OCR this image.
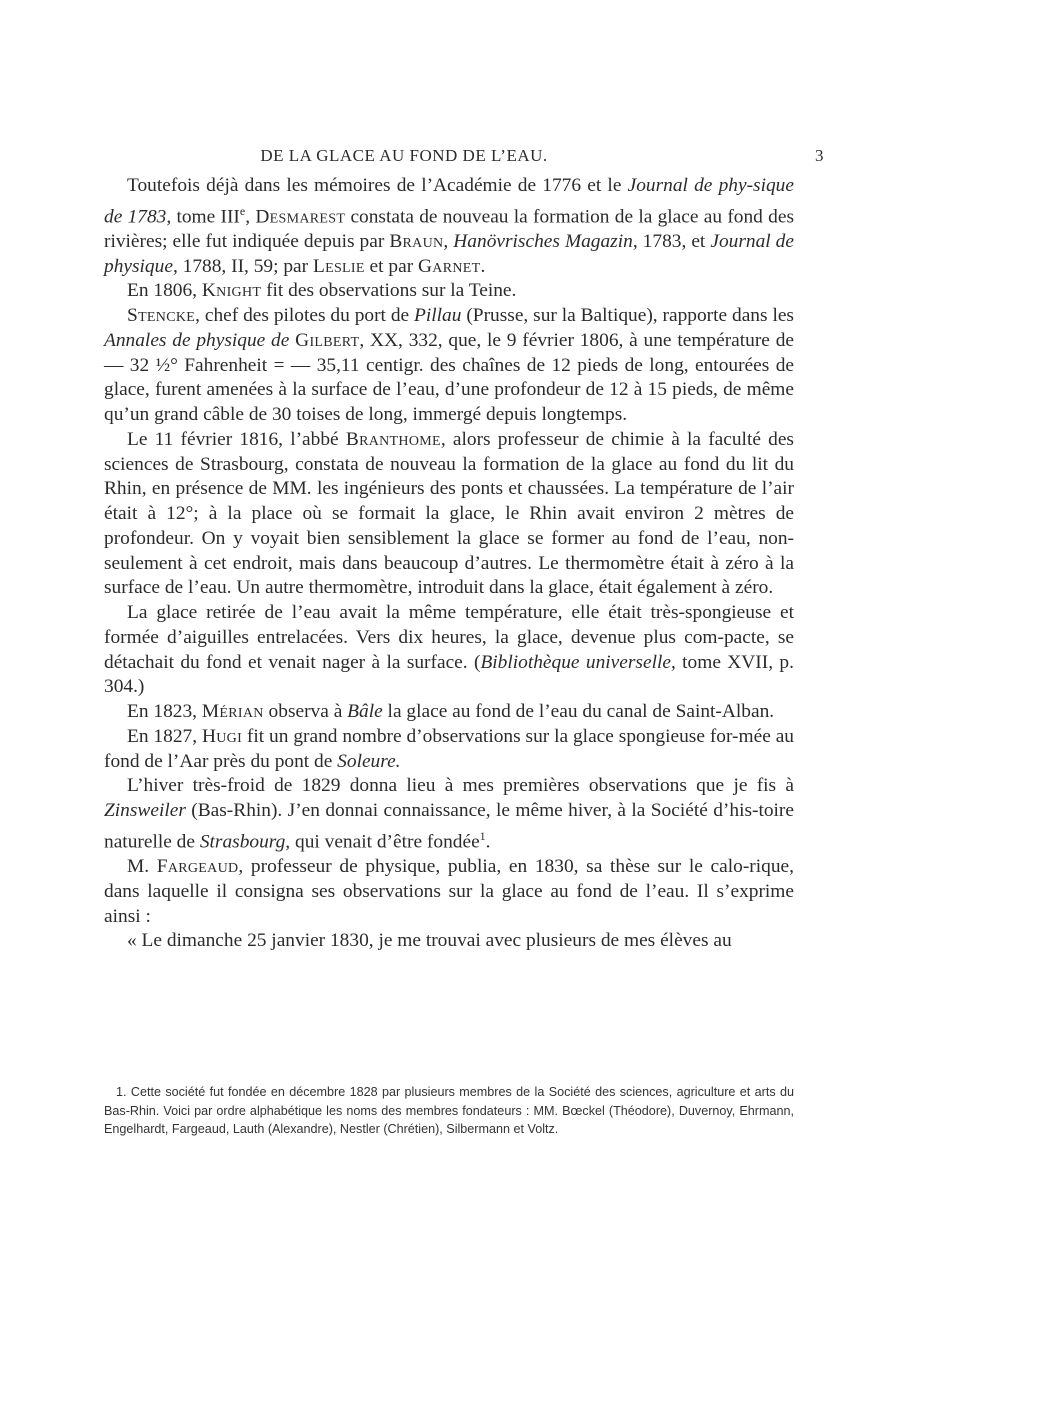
DE LA GLACE AU FOND DE L’EAU.	3

Toutefois déjà dans les mémoires de l’Académie de 1776 et le Journal de phy-sique de 1783, tome IIIe, Desmarest constata de nouveau la formation de la glace au fond des rivières; elle fut indiquée depuis par Braun, Hanövrisches Magazin, 1783, et Journal de physique, 1788, II, 59; par Leslie et par Garnet.

En 1806, Knight fit des observations sur la Teine.

Stencke, chef des pilotes du port de Pillau (Prusse, sur la Baltique), rapporte dans les Annales de physique de Gilbert, XX, 332, que, le 9 février 1806, à une température de — 32 ½° Fahrenheit = — 35,11 centigr. des chaînes de 12 pieds de long, entourées de glace, furent amenées à la surface de l’eau, d’une profondeur de 12 à 15 pieds, de même qu’un grand câble de 30 toises de long, immergé depuis longtemps.

Le 11 février 1816, l’abbé Branthome, alors professeur de chimie à la faculté des sciences de Strasbourg, constata de nouveau la formation de la glace au fond du lit du Rhin, en présence de MM. les ingénieurs des ponts et chaussées. La température de l’air était à 12°; à la place où se formait la glace, le Rhin avait environ 2 mètres de profondeur. On y voyait bien sensiblement la glace se former au fond de l’eau, non-seulement à cet endroit, mais dans beaucoup d’autres. Le thermomètre était à zéro à la surface de l’eau. Un autre thermomètre, introduit dans la glace, était également à zéro.

La glace retirée de l’eau avait la même température, elle était très-spongieuse et formée d’aiguilles entrelacées. Vers dix heures, la glace, devenue plus com-pacte, se détachait du fond et venait nager à la surface. (Bibliothèque universelle, tome XVII, p. 304.)

En 1823, Mérian observa à Bâle la glace au fond de l’eau du canal de Saint-Alban.

En 1827, Hugi fit un grand nombre d’observations sur la glace spongieuse for-mée au fond de l’Aar près du pont de Soleure.

L’hiver très-froid de 1829 donna lieu à mes premières observations que je fis à Zinsweiler (Bas-Rhin). J’en donnai connaissance, le même hiver, à la Société d’his-toire naturelle de Strasbourg, qui venait d’être fondée$^1$.

M. Fargeaud, professeur de physique, publia, en 1830, sa thèse sur le calo-rique, dans laquelle il consigna ses observations sur la glace au fond de l’eau. Il s’exprime ainsi :

« Le dimanche 25 janvier 1830, je me trouvai avec plusieurs de mes élèves au

1. Cette société fut fondée en décembre 1828 par plusieurs membres de la Société des sciences, agriculture et arts du Bas-Rhin. Voici par ordre alphabétique les noms des membres fondateurs : MM. Bœckel (Théodore), Duvernoy, Ehrmann, Engelhardt, Fargeaud, Lauth (Alexandre), Nestler (Chrétien), Silbermann et Voltz.
